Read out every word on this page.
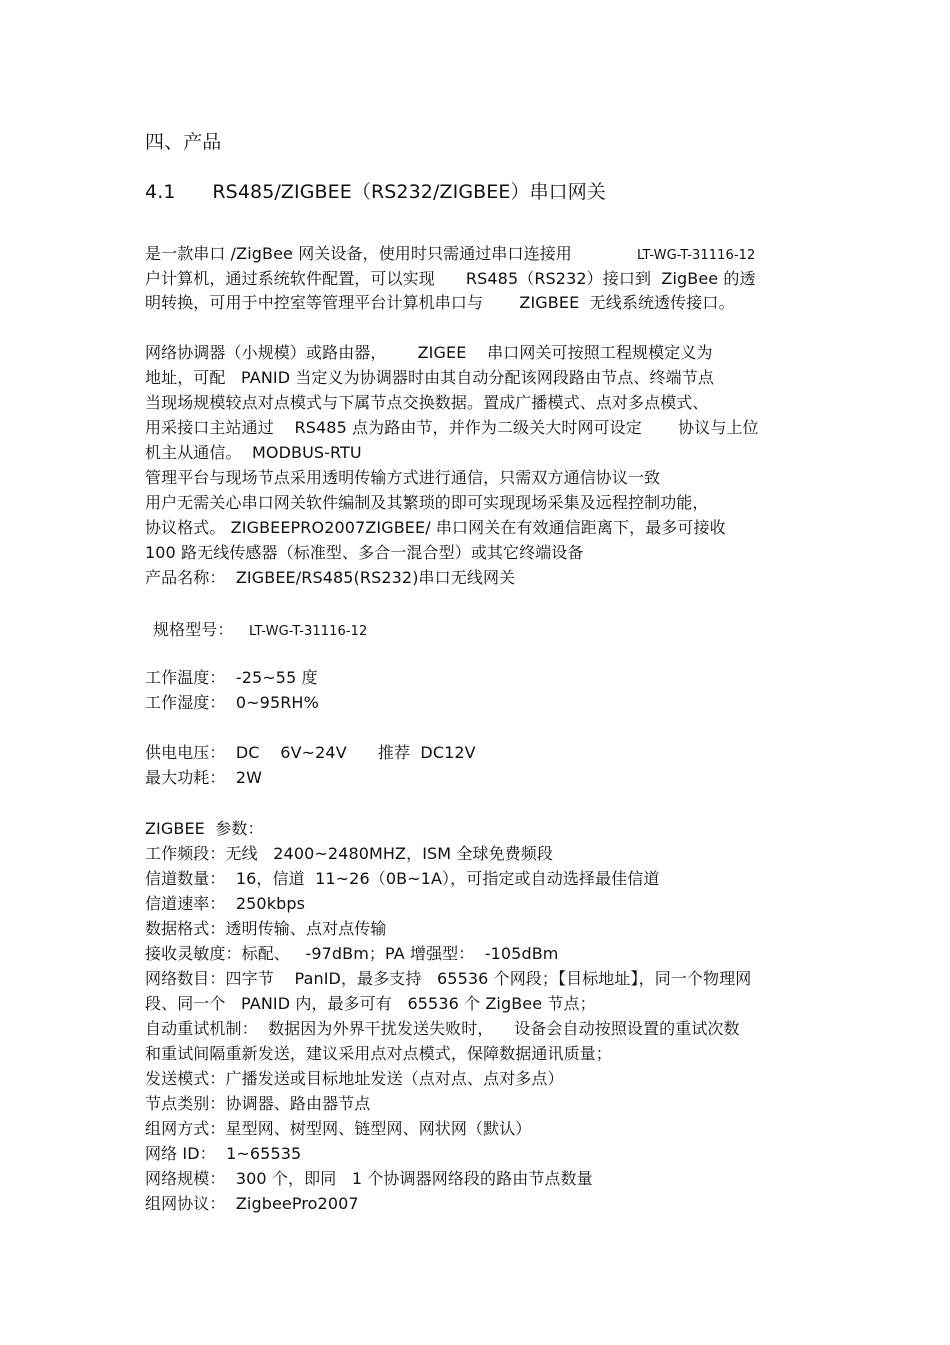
四、产品
4.1      RS485/ZIGBEE（RS232/ZIGBEE）串口网关
是一款串口 /ZigBee 网关设备，使用时只需通过串口连接用	LT-WG-T-31116-12
户计算机，通过系统软件配置，可以实现      RS485（RS232）接口到  ZigBee 的透
明转换，可用于中控室等管理平台计算机串口与       ZIGBEE  无线系统透传接口。
网络协调器（小规模）或路由器，      ZIGEE    串口网关可按照工程规模定义为
地址，可配   PANID 当定义为协调器时由其自动分配该网段路由节点、终端节点
当现场规模较点对点模式与下属节点交换数据。置成广播模式、点对多点模式、
用采接口主站通过    RS485 点为路由节，并作为二级关大时网可设定       协议与上位
机主从通信。  MODBUS-RTU
管理平台与现场节点采用透明传输方式进行通信，只需双方通信协议一致
用户无需关心串口网关软件编制及其繁琐的即可实现现场采集及远程控制功能，
协议格式。 ZIGBEEPRO2007ZIGBEE/ 串口网关在有效通信距离下，最多可接收
100 路无线传感器（标准型、多合一混合型）或其它终端设备
产品名称：  ZIGBEE/RS485(RS232)串口无线网关
规格型号： LT-WG-T-31116-12
工作温度：  -25~55 度
工作湿度：  0~95RH%
供电电压：  DC    6V~24V      推荐  DC12V
最大功耗：  2W
ZIGBEE  参数：
工作频段：无线   2400~2480MHZ，ISM 全球免费频段
信道数量：  16，信道  11~26（0B~1A），可指定或自动选择最佳信道
信道速率：  250kbps
数据格式：透明传输、点对点传输
接收灵敏度：标配、   -97dBm；PA 增强型：  -105dBm
网络数目：四字节    PanID，最多支持   65536 个网段；【目标地址】，同一个物理网
段、同一个   PANID 内，最多可有   65536 个 ZigBee 节点；
自动重试机制：  数据因为外界干扰发送失败时，    设备会自动按照设置的重试次数
和重试间隔重新发送，建议采用点对点模式，保障数据通讯质量；
发送模式：广播发送或目标地址发送（点对点、点对多点）
节点类别：协调器、路由器节点
组网方式：星型网、树型网、链型网、网状网（默认）
网络 ID：  1~65535
网络规模：  300 个，即同   1 个协调器网络段的路由节点数量
组网协议：  ZigbeePro2007
